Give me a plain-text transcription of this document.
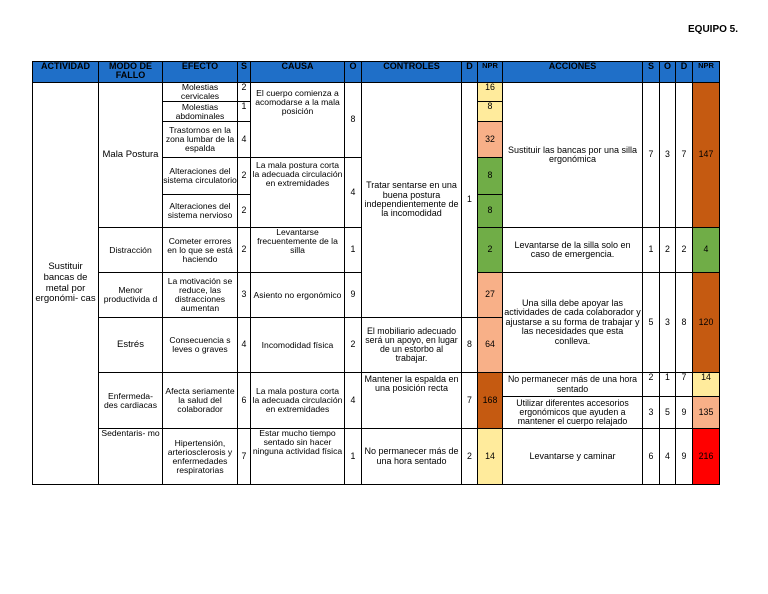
EQUIPO 5.
ACTIVIDAD	MODO DE FALLO	EFECTO	S	CAUSA	O	CONTROLES	D	NPR	ACCIONES	S	O	D	NPR
Sustituir bancas de metal por ergonómi- cas	Mala Postura	Molestias cervicales	2	El cuerpo comienza a acomodarse a la mala posición	8	Tratar sentarse en una buena postura independientemente de la incomodidad	1	16	Sustituir las bancas por una silla ergonómica	7	3	7	147
		Molestias abdominales	1					8					
		Trastornos en la zona lumbar de la espalda	4					32					
		Alteraciones del sistema circulatorio	2	La mala postura corta la adecuada circulación en extremidades	4			8					
		Alteraciones del sistema nervioso	2					8					
	Distracción	Cometer errores en lo que se está haciendo	2	Levantarse frecuentemente de la silla	1			2	Levantarse de la silla solo en caso de emergencia.	1	2	2	4
	Menor productivida d	La motivación se reduce, las distracciones aumentan	3	Asiento no ergonómico	9			27	Una silla debe apoyar las actividades de cada colaborador y ajustarse a su forma de trabajar y las necesidades que esta conlleva.	5	3	8	120
	Estrés	Consecuencia s leves o graves	4	Incomodidad física	2	El mobiliario adecuado será un apoyo, en lugar de un estorbo al trabajar.	8	64					
	Enfermeda- des cardiacas	Afecta seriamente la salud del colaborador	6	La mala postura corta la adecuada circulación en extremidades	4	Mantener la espalda en una posición recta	7	168	No permanecer más de una hora sentado	2	1	7	14
									Utilizar diferentes accesorios ergonómicos que ayuden a mantener el cuerpo relajado	3	5	9	135
	Sedentaris- mo	Hipertensión, arteriosclerosis y enfermedades respiratorias	7	Estar mucho tiempo sentado sin hacer ninguna actividad física	1	No permanecer más de una hora sentado	2	14	Levantarse y caminar	6	4	9	216
